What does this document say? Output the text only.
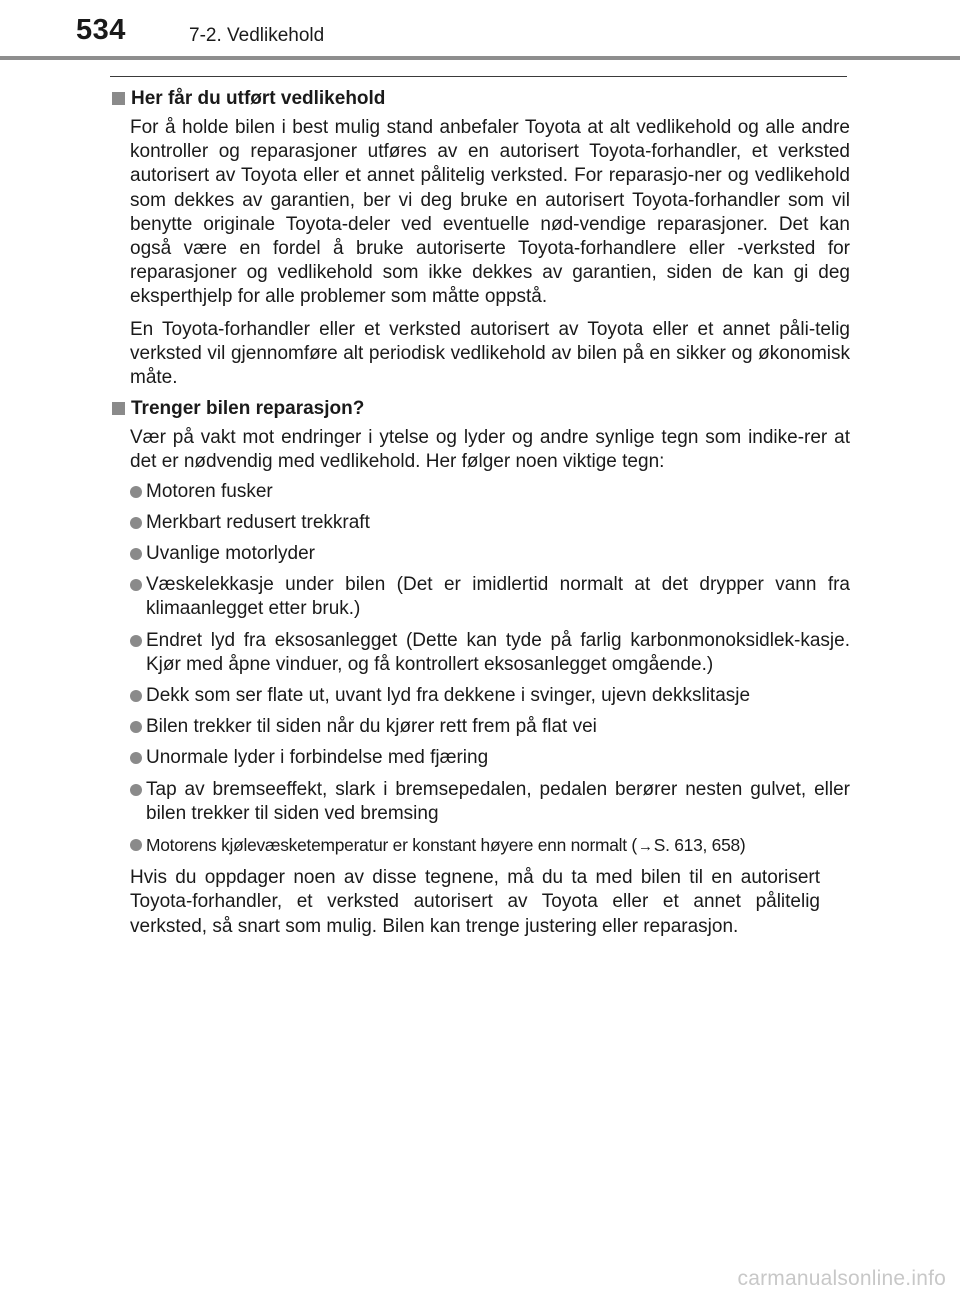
534	7-2. Vedlikehold
Her får du utført vedlikehold

For å holde bilen i best mulig stand anbefaler Toyota at alt vedlikehold og alle andre kontroller og reparasjoner utføres av en autorisert Toyota-forhandler, et verksted autorisert av Toyota eller et annet pålitelig verksted. For reparasjo-ner og vedlikehold som dekkes av garantien, ber vi deg bruke en autorisert Toyota-forhandler som vil benytte originale Toyota-deler ved eventuelle nød-vendige reparasjoner. Det kan også være en fordel å bruke autoriserte Toyota-forhandlere eller -verksted for reparasjoner og vedlikehold som ikke dekkes av garantien, siden de kan gi deg eksperthjelp for alle problemer som måtte oppstå.

En Toyota-forhandler eller et verksted autorisert av Toyota eller et annet påli-telig verksted vil gjennomføre alt periodisk vedlikehold av bilen på en sikker og økonomisk måte.

Trenger bilen reparasjon?

Vær på vakt mot endringer i ytelse og lyder og andre synlige tegn som indike-rer at det er nødvendig med vedlikehold. Her følger noen viktige tegn:

Motoren fusker
Merkbart redusert trekkraft
Uvanlige motorlyder
Væskelekkasje under bilen (Det er imidlertid normalt at det drypper vann fra klimaanlegget etter bruk.)
Endret lyd fra eksosanlegget (Dette kan tyde på farlig karbonmonoksidlek-kasje. Kjør med åpne vinduer, og få kontrollert eksosanlegget omgående.)
Dekk som ser flate ut, uvant lyd fra dekkene i svinger, ujevn dekkslitasje
Bilen trekker til siden når du kjører rett frem på flat vei
Unormale lyder i forbindelse med fjæring
Tap av bremseeffekt, slark i bremsepedalen, pedalen berører nesten gulvet, eller bilen trekker til siden ved bremsing
Motorens kjølevæsketemperatur er konstant høyere enn normalt (→S. 613, 658)

Hvis du oppdager noen av disse tegnene, må du ta med bilen til en autorisert Toyota-forhandler, et verksted autorisert av Toyota eller et annet pålitelig
verksted, så snart som mulig. Bilen kan trenge justering eller reparasjon.

carmanualsonline.info
